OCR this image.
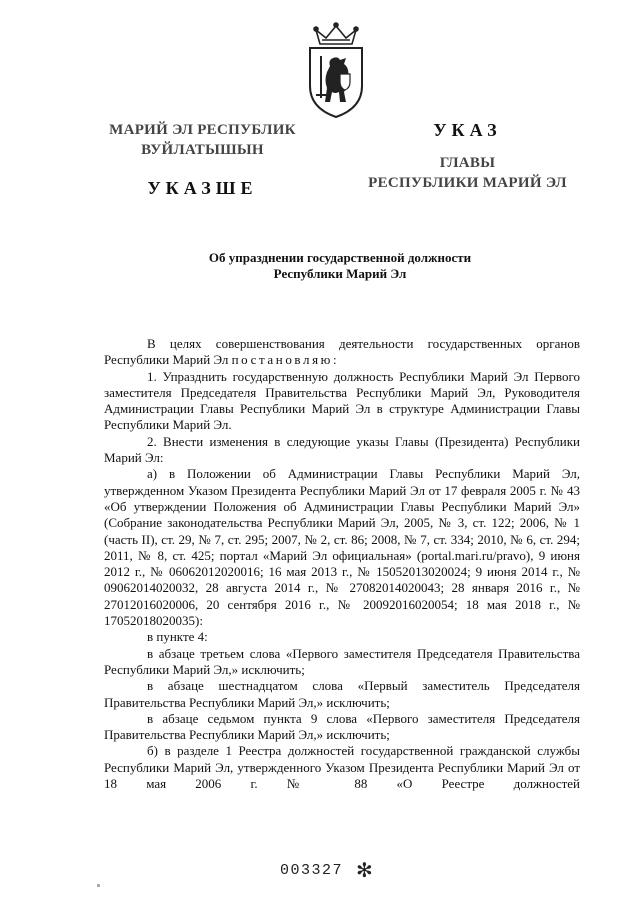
МАРИЙ ЭЛ РЕСПУБЛИК
ВУЙЛАТЫШЫН
УКАЗШЕ
УКАЗ
ГЛАВЫ
РЕСПУБЛИКИ МАРИЙ ЭЛ
Об упразднении государственной должности
Республики Марий Эл

В целях совершенствования деятельности государственных органов Республики Марий Эл постановляю:

1. Упразднить государственную должность Республики Марий Эл Первого заместителя Председателя Правительства Республики Марий Эл, Руководителя Администрации Главы Республики Марий Эл в структуре Администрации Главы Республики Марий Эл.

2. Внести изменения в следующие указы Главы (Президента) Республики Марий Эл:

а) в Положении об Администрации Главы Республики Марий Эл, утвержденном Указом Президента Республики Марий Эл от 17 февраля 2005 г. № 43 «Об утверждении Положения об Администрации Главы Республики Марий Эл» (Собрание законодательства Республики Марий Эл, 2005, № 3, ст. 122; 2006, № 1 (часть II), ст. 29, № 7, ст. 295; 2007, № 2, ст. 86; 2008, № 7, ст. 334; 2010, № 6, ст. 294; 2011, № 8, ст. 425; портал «Марий Эл официальная» (portal.mari.ru/pravo), 9 июня 2012 г., № 06062012020016; 16 мая 2013 г., № 15052013020024; 9 июня 2014 г., № 09062014020032, 28 августа 2014 г., № 27082014020043; 28 января 2016 г., № 27012016020006, 20 сентября 2016 г., № 20092016020054; 18 мая 2018 г., № 17052018020035):

в пункте 4:

в абзаце третьем слова «Первого заместителя Председателя Правительства Республики Марий Эл,» исключить;

в абзаце шестнадцатом слова «Первый заместитель Председателя Правительства Республики Марий Эл,» исключить;

в абзаце седьмом пункта 9 слова «Первого заместителя Председателя Правительства Республики Марий Эл,» исключить;

б) в разделе 1 Реестра должностей государственной гражданской службы Республики Марий Эл, утвержденного Указом Президента Республики Марий Эл от 18 мая 2006 г. № 88 «О Реестре должностей

003327 ✻
